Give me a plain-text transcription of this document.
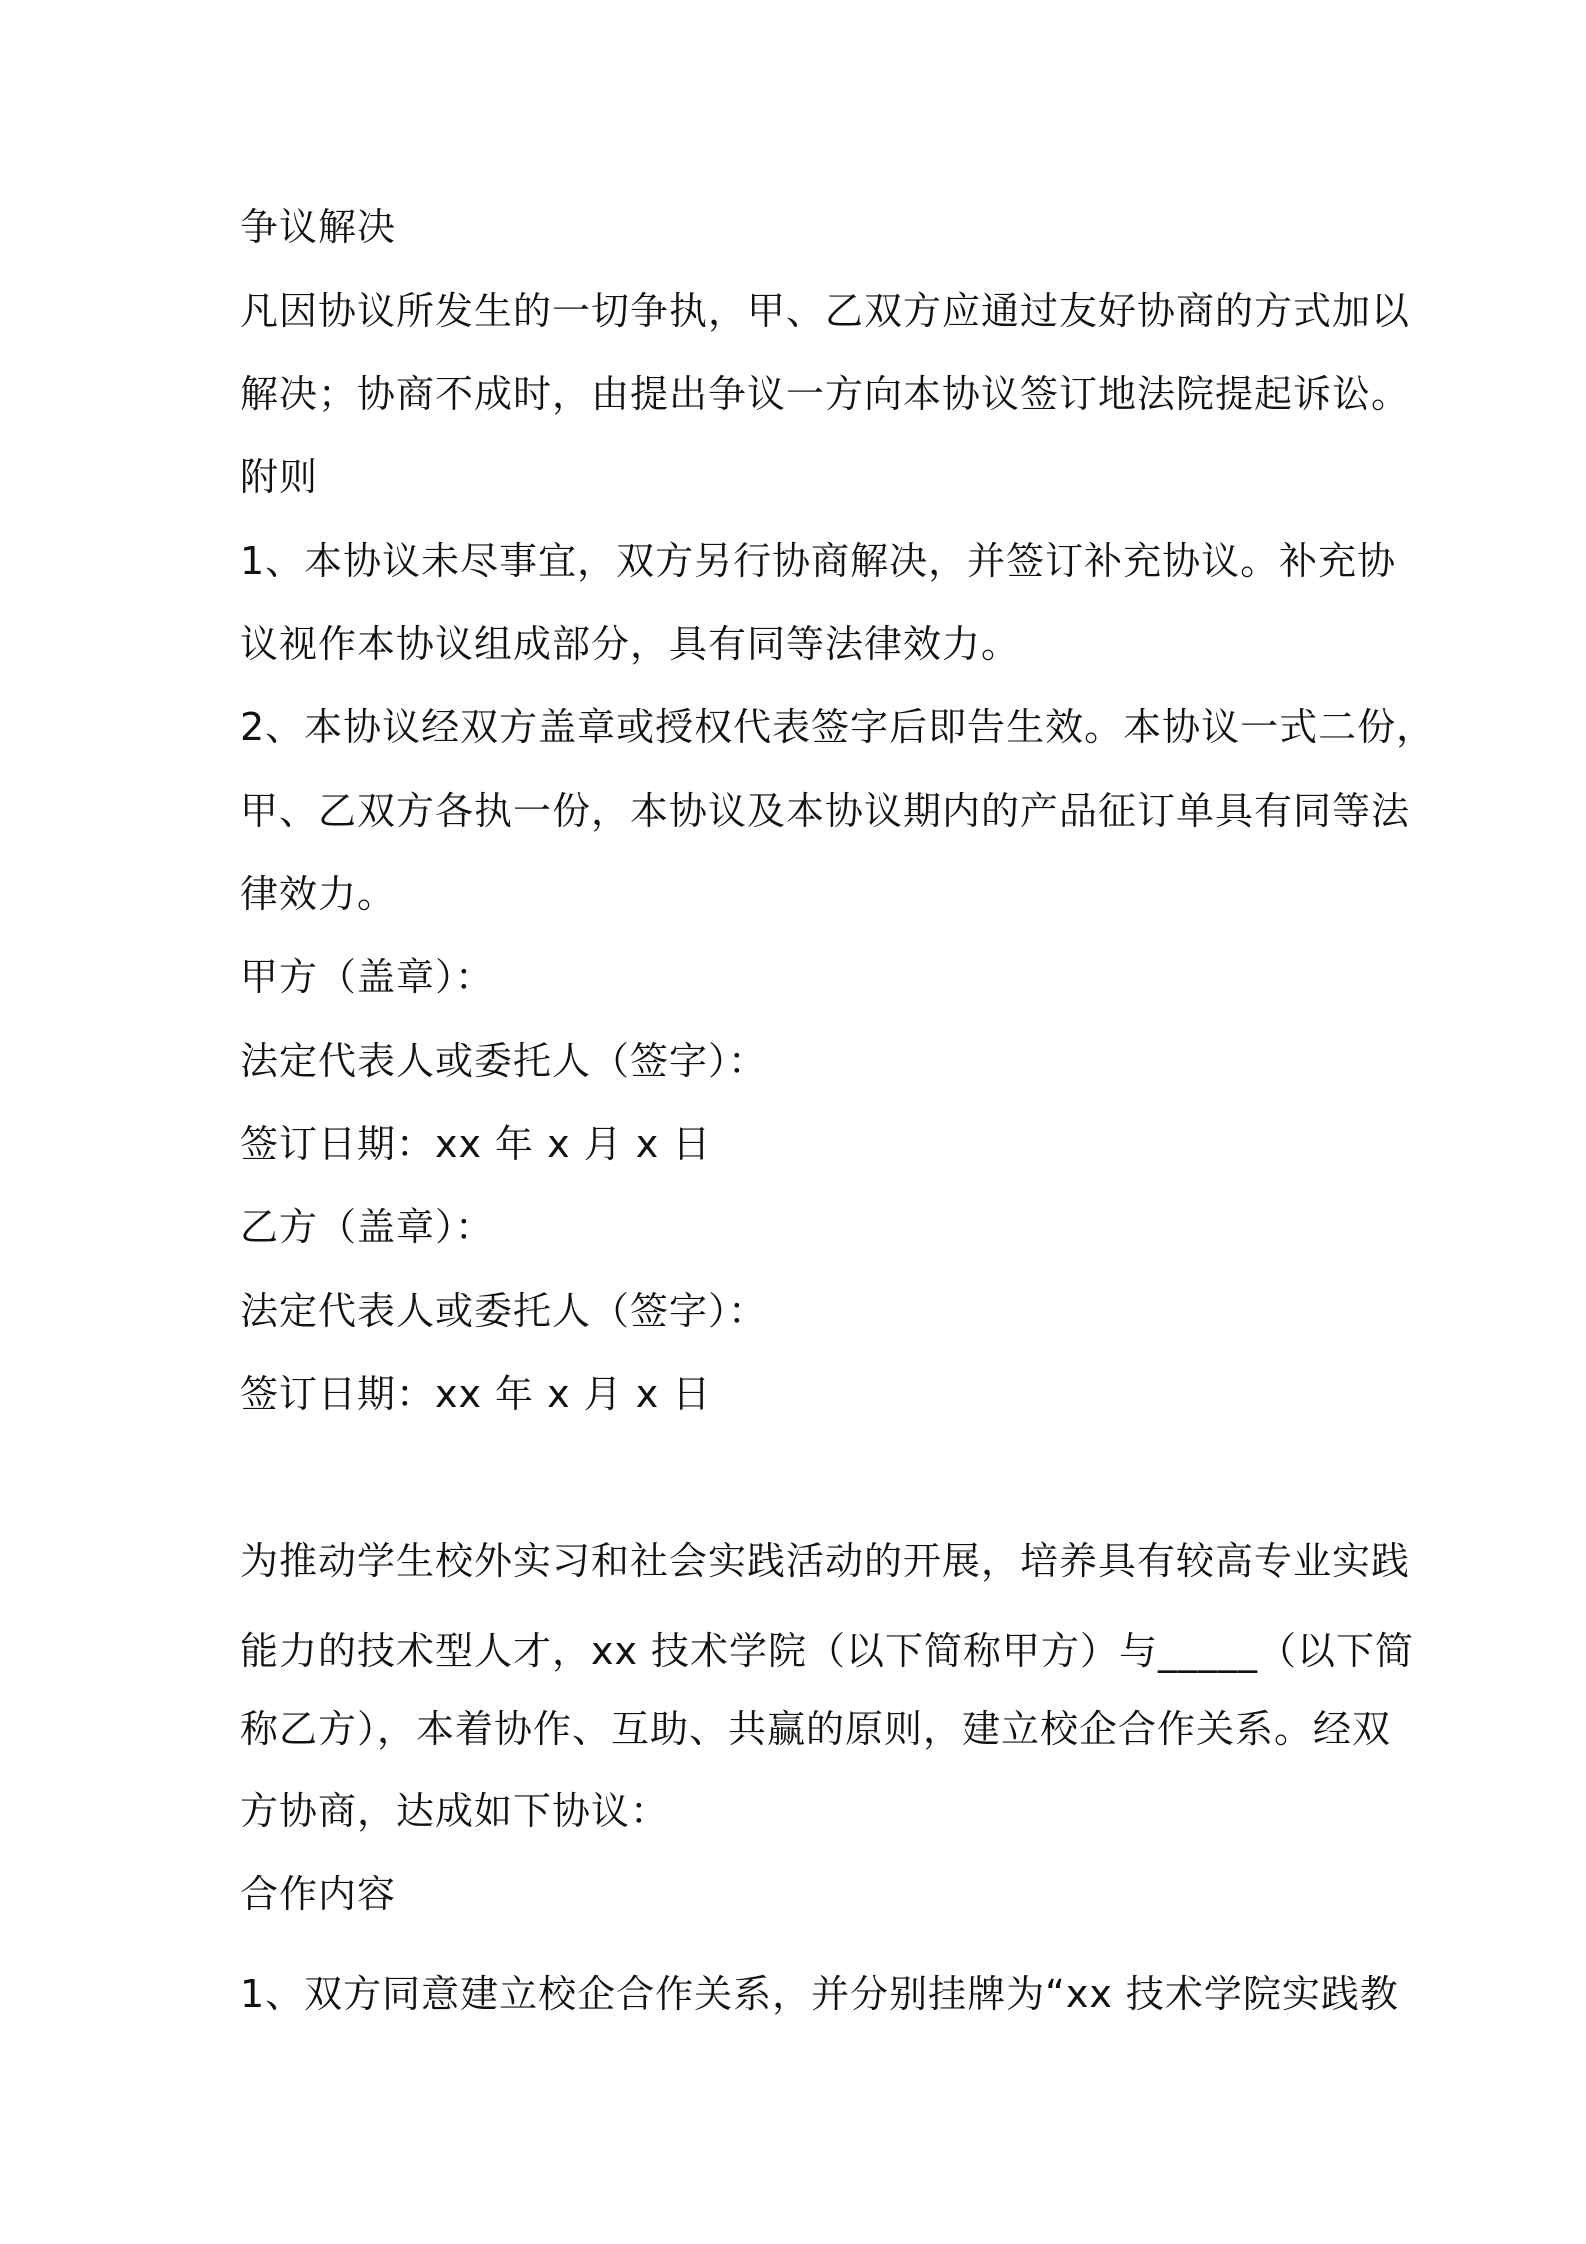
争议解决
凡因协议所发生的一切争执，甲、乙双方应通过友好协商的方式加以
解决；协商不成时，由提出争议一方向本协议签订地法院提起诉讼。
附则
1、本协议未尽事宜，双方另行协商解决，并签订补充协议。补充协
议视作本协议组成部分，具有同等法律效力。
2、本协议经双方盖章或授权代表签字后即告生效。本协议一式二份，
甲、乙双方各执一份，本协议及本协议期内的产品征订单具有同等法
律效力。
甲方（盖章）：
法定代表人或委托人（签字）：
签订日期：xx 年 x 月 x 日
乙方（盖章）：
法定代表人或委托人（签字）：
签订日期：xx 年 x 月 x 日
为推动学生校外实习和社会实践活动的开展，培养具有较高专业实践
能力的技术型人才，xx 技术学院（以下简称甲方）与_____（以下简
称乙方），本着协作、互助、共赢的原则，建立校企合作关系。经双
方协商，达成如下协议：
合作内容
1、双方同意建立校企合作关系，并分别挂牌为“xx 技术学院实践教
